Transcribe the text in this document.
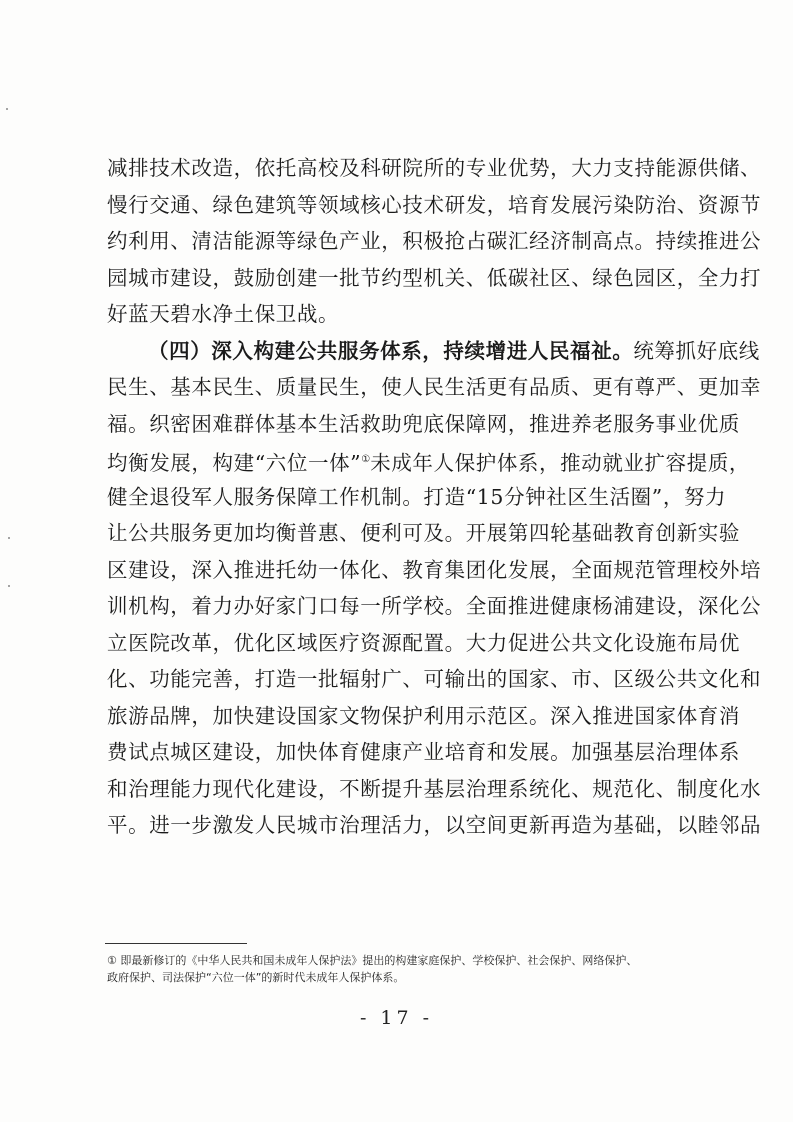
减排技术改造，依托高校及科研院所的专业优势，大力支持能源供储、
慢行交通、绿色建筑等领域核心技术研发，培育发展污染防治、资源节
约利用、清洁能源等绿色产业，积极抢占碳汇经济制高点。持续推进公
园城市建设，鼓励创建一批节约型机关、低碳社区、绿色园区，全力打
好蓝天碧水净土保卫战。
（四）深入构建公共服务体系，持续增进人民福祉。统筹抓好底线
民生、基本民生、质量民生，使人民生活更有品质、更有尊严、更加幸
福。织密困难群体基本生活救助兜底保障网，推进养老服务事业优质
均衡发展，构建“六位一体”①未成年人保护体系，推动就业扩容提质，
健全退役军人服务保障工作机制。打造“15分钟社区生活圈”，努力
让公共服务更加均衡普惠、便利可及。开展第四轮基础教育创新实验
区建设，深入推进托幼一体化、教育集团化发展，全面规范管理校外培
训机构，着力办好家门口每一所学校。全面推进健康杨浦建设，深化公
立医院改革，优化区域医疗资源配置。大力促进公共文化设施布局优
化、功能完善，打造一批辐射广、可输出的国家、市、区级公共文化和
旅游品牌，加快建设国家文物保护利用示范区。深入推进国家体育消
费试点城区建设，加快体育健康产业培育和发展。加强基层治理体系
和治理能力现代化建设，不断提升基层治理系统化、规范化、制度化水
平。进一步激发人民城市治理活力，以空间更新再造为基础，以睦邻品
① 即最新修订的《中华人民共和国未成年人保护法》提出的构建家庭保护、学校保护、社会保护、网络保护、
政府保护、司法保护“六位一体”的新时代未成年人保护体系。
- 17 -
